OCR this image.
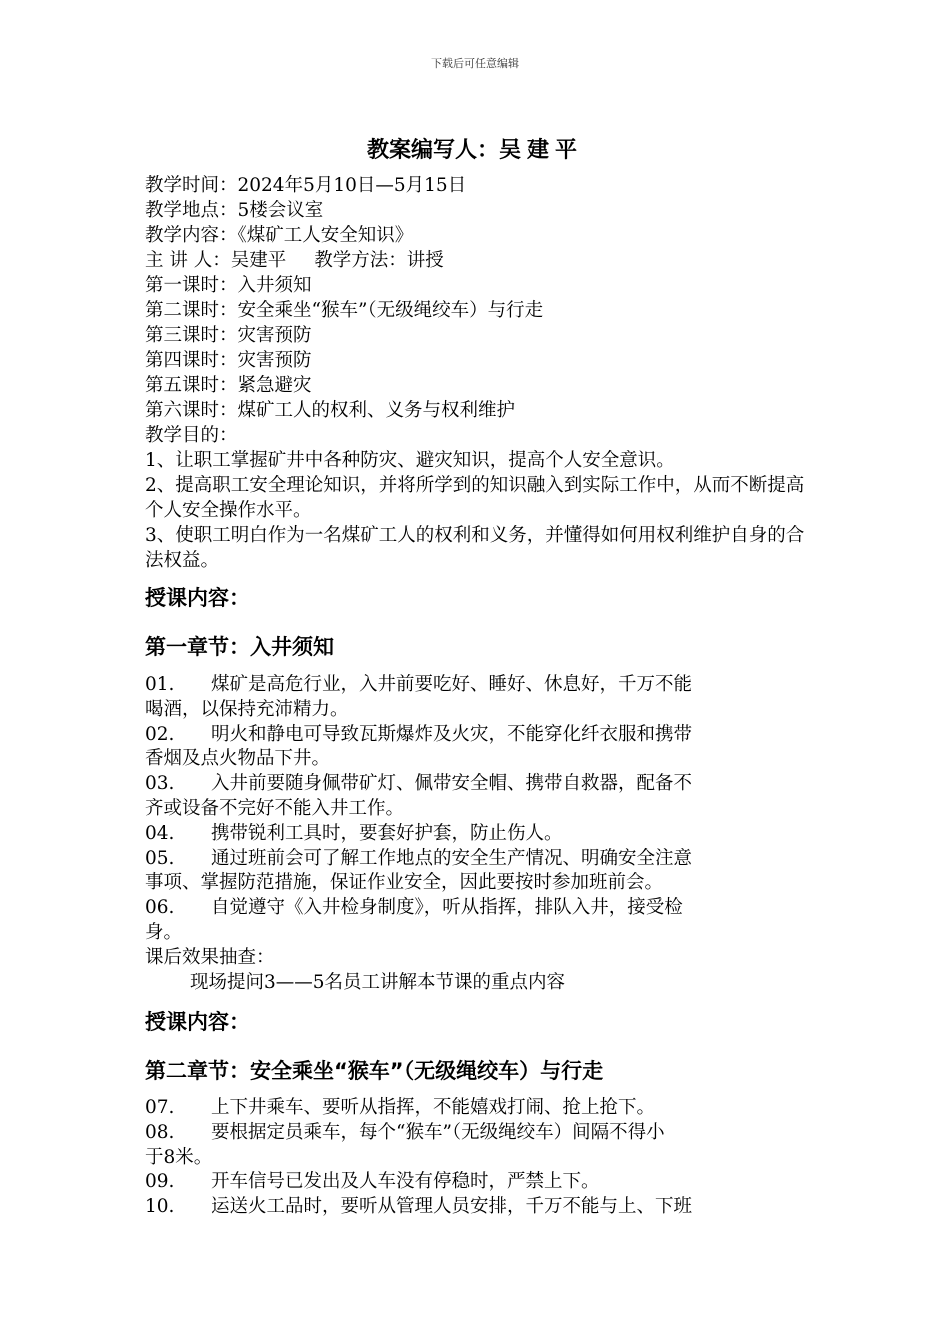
下载后可任意编辑
教案编写人：吴建平
教学时间：2024年5月10日—5月15日
教学地点：5楼会议室
教学内容：《煤矿工人安全知识》
主 讲 人：吴建平 教学方法：讲授
第一课时：入井须知
第二课时：安全乘坐“猴车”（无级绳绞车）与行走
第三课时：灾害预防
第四课时：灾害预防
第五课时：紧急避灾
第六课时：煤矿工人的权利、义务与权利维护
教学目的：
1、让职工掌握矿井中各种防灾、避灾知识，提高个人安全意识。
2、提高职工安全理论知识，并将所学到的知识融入到实际工作中，从而不断提高个人安全操作水平。
3、使职工明白作为一名煤矿工人的权利和义务，并懂得如何用权利维护自身的合法权益。
授课内容：
第一章节：入井须知
01.	煤矿是高危行业，入井前要吃好、睡好、休息好，千万不能
喝酒，以保持充沛精力。
02.	明火和静电可导致瓦斯爆炸及火灾，不能穿化纤衣服和携带
香烟及点火物品下井。
03.	入井前要随身佩带矿灯、佩带安全帽、携带自救器，配备不
齐或设备不完好不能入井工作。
04.	携带锐利工具时，要套好护套，防止伤人。
05.	通过班前会可了解工作地点的安全生产情况、明确安全注意
事项、掌握防范措施，保证作业安全，因此要按时参加班前会。
06.	自觉遵守《入井检身制度》，听从指挥，排队入井，接受检
身。
课后效果抽查：
现场提问3——5名员工讲解本节课的重点内容
授课内容：
第二章节：安全乘坐“猴车”（无级绳绞车）与行走
07.	上下井乘车、要听从指挥，不能嬉戏打闹、抢上抢下。
08.	要根据定员乘车，每个“猴车”（无级绳绞车）间隔不得小
于8米。
09.	开车信号已发出及人车没有停稳时，严禁上下。
10.	运送火工品时，要听从管理人员安排，千万不能与上、下班
